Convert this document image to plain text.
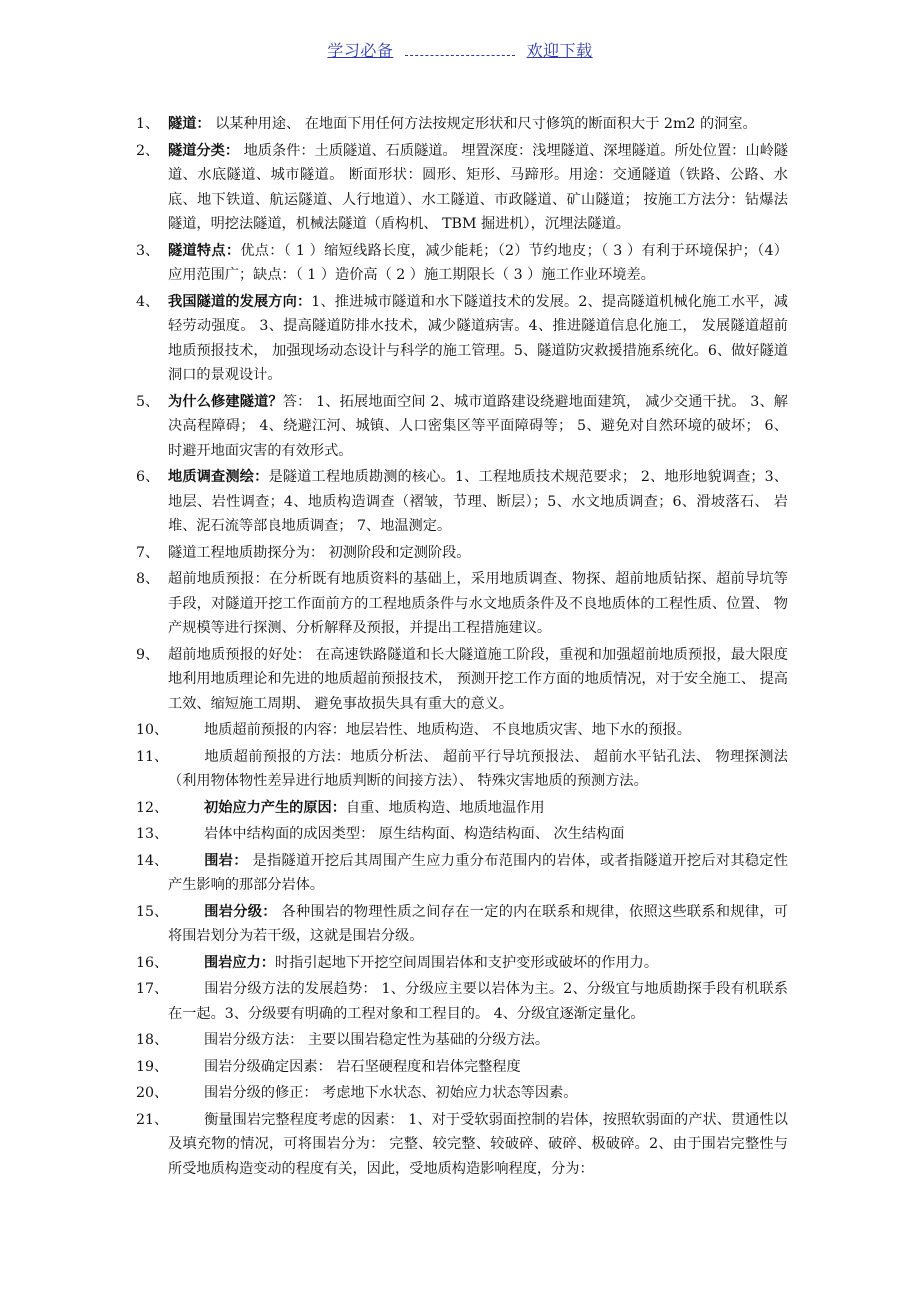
学习必备	欢迎下载
1、 隧道： 以某种用途、 在地面下用任何方法按规定形状和尺寸修筑的断面积大于 2m2 的洞室。
2、 隧道分类： 地质条件：土质隧道、石质隧道。 埋置深度：浅埋隧道、深埋隧道。所处位置：山岭隧道、水底隧道、城市隧道。 断面形状：圆形、矩形、马蹄形。用途：交通隧道（铁路、公路、水底、地下铁道、航运隧道、人行地道）、水工隧道、市政隧道、矿山隧道； 按施工方法分：钻爆法隧道，明挖法隧道，机械法隧道（盾构机、 TBM 掘进机），沉埋法隧道。
3、 隧道特点：优点：（ 1 ）缩短线路长度，减少能耗；（2）节约地皮；（ 3 ）有利于环境保护；（4）应用范围广；缺点：（ 1 ）造价高（ 2 ）施工期限长（ 3 ）施工作业环境差。
4、 我国隧道的发展方向：1、推进城市隧道和水下隧道技术的发展。2、提高隧道机械化施工水平，减轻劳动强度。 3、提高隧道防排水技术，减少隧道病害。4、推进隧道信息化施工， 发展隧道超前地质预报技术， 加强现场动态设计与科学的施工管理。5、隧道防灾救援措施系统化。6、做好隧道洞口的景观设计。
5、 为什么修建隧道？答： 1、拓展地面空间 2、城市道路建设绕避地面建筑， 减少交通干扰。 3、解决高程障碍； 4、绕避江河、城镇、人口密集区等平面障碍等； 5、避免对自然环境的破坏； 6、时避开地面灾害的有效形式。
6、 地质调查测绘：是隧道工程地质勘测的核心。1、工程地质技术规范要求； 2、地形地貌调查；3、地层、岩性调查；4、地质构造调查（褶皱，节理、断层）；5、水文地质调查；6、滑坡落石、 岩堆、泥石流等部良地质调查； 7、地温测定。
7、 隧道工程地质勘探分为： 初测阶段和定测阶段。
8、 超前地质预报：在分析既有地质资料的基础上，采用地质调查、物探、超前地质钻探、超前导坑等手段，对隧道开挖工作面前方的工程地质条件与水文地质条件及不良地质体的工程性质、位置、 物产规模等进行探测、分析解释及预报，并提出工程措施建议。
9、 超前地质预报的好处： 在高速铁路隧道和长大隧道施工阶段，重视和加强超前地质预报，最大限度地利用地质理论和先进的地质超前预报技术， 预测开挖工作方面的地质情况，对于安全施工、 提高工效、缩短施工周期、 避免事故损失具有重大的意义。
10、	地质超前预报的内容：地层岩性、地质构造、 不良地质灾害、地下水的预报。
11、	地质超前预报的方法：地质分析法、 超前平行导坑预报法、 超前水平钻孔法、 物理探测法（利用物体物性差异进行地质判断的间接方法）、 特殊灾害地质的预测方法。
12、	初始应力产生的原因：自重、地质构造、地质地温作用
13、	岩体中结构面的成因类型： 原生结构面、构造结构面、 次生结构面
14、	围岩： 是指隧道开挖后其周围产生应力重分布范围内的岩体，或者指隧道开挖后对其稳定性产生影响的那部分岩体。
15、	围岩分级： 各种围岩的物理性质之间存在一定的内在联系和规律，依照这些联系和规律，可将围岩划分为若干级，这就是围岩分级。
16、	围岩应力：时指引起地下开挖空间周围岩体和支护变形或破坏的作用力。
17、	围岩分级方法的发展趋势： 1、分级应主要以岩体为主。2、分级宜与地质勘探手段有机联系在一起。3、分级要有明确的工程对象和工程目的。 4、分级宜逐渐定量化。
18、	围岩分级方法： 主要以围岩稳定性为基础的分级方法。
19、	围岩分级确定因素： 岩石坚硬程度和岩体完整程度
20、	围岩分级的修正： 考虑地下水状态、初始应力状态等因素。
21、	衡量围岩完整程度考虑的因素： 1、对于受软弱面控制的岩体，按照软弱面的产状、贯通性以及填充物的情况，可将围岩分为： 完整、较完整、较破碎、破碎、极破碎。2、由于围岩完整性与所受地质构造变动的程度有关，因此，受地质构造影响程度，分为：
